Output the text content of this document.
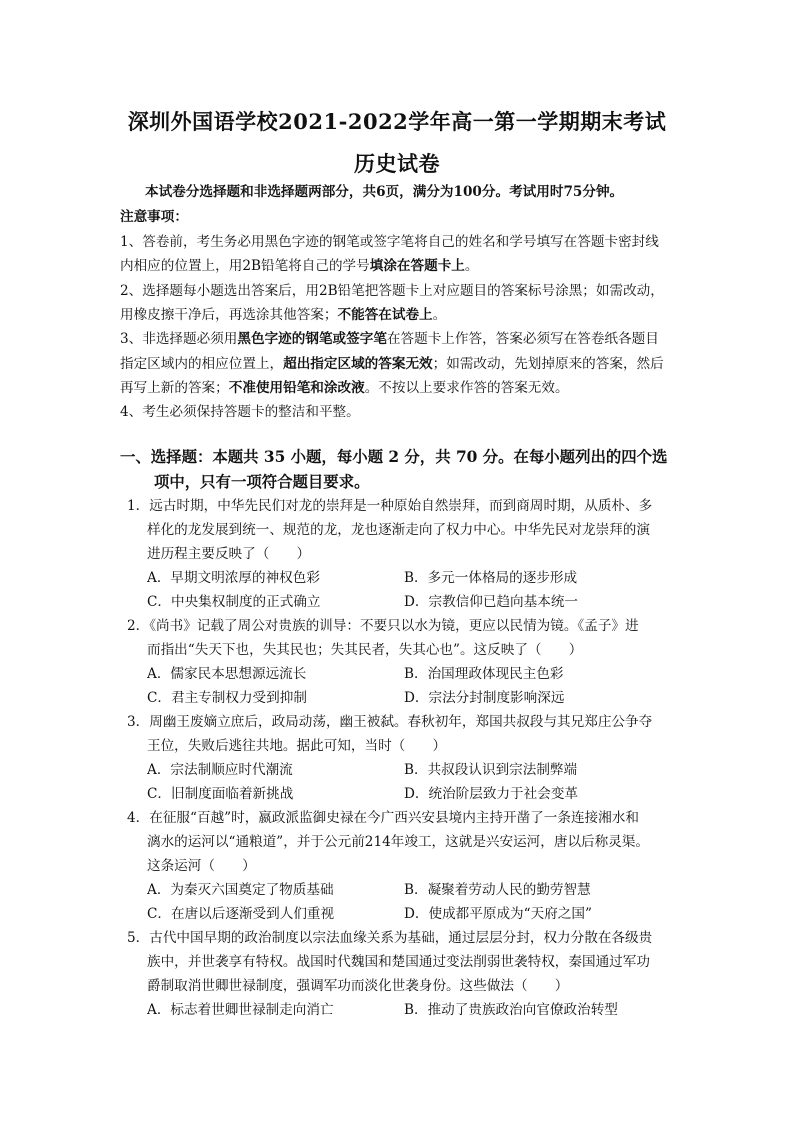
深圳外国语学校2021-2022学年高一第一学期期末考试
历史试卷
本试卷分选择题和非选择题两部分，共6页，满分为100分。考试用时75分钟。
注意事项：
1、答卷前，考生务必用黑色字迹的钢笔或签字笔将自己的姓名和学号填写在答题卡密封线
内相应的位置上，用2B铅笔将自己的学号填涂在答题卡上。
2、选择题每小题选出答案后，用2B铅笔把答题卡上对应题目的答案标号涂黑；如需改动，
用橡皮擦干净后，再选涂其他答案；不能答在试卷上。
3、非选择题必须用黑色字迹的钢笔或签字笔在答题卡上作答，答案必须写在答卷纸各题目
指定区域内的相应位置上，超出指定区域的答案无效；如需改动，先划掉原来的答案，然后
再写上新的答案；不准使用铅笔和涂改液。不按以上要求作答的答案无效。
4、考生必须保持答题卡的整洁和平整。
一、选择题：本题共 35 小题，每小题 2 分，共 70 分。在每小题列出的四个选
项中，只有一项符合题目要求。
1．远古时期，中华先民们对龙的崇拜是一种原始自然崇拜，而到商周时期，从质朴、多
样化的龙发展到统一、规范的龙，龙也逐渐走向了权力中心。中华先民对龙崇拜的演
进历程主要反映了（　　）
A．早期文明浓厚的神权色彩	B．多元一体格局的逐步形成
C．中央集权制度的正式确立	D．宗教信仰已趋向基本统一
2．《尚书》记载了周公对贵族的训导：不要只以水为镜，更应以民情为镜。《孟子》进
而指出“失天下也，失其民也；失其民者，失其心也”。这反映了（　　）
A．儒家民本思想源远流长	B．治国理政体现民主色彩
C．君主专制权力受到抑制	D．宗法分封制度影响深远
3．周幽王废嫡立庶后，政局动荡，幽王被弑。春秋初年，郑国共叔段与其兄郑庄公争夺
王位，失败后逃往共地。据此可知，当时（　　）
A．宗法制顺应时代潮流	B．共叔段认识到宗法制弊端
C．旧制度面临着新挑战	D．统治阶层致力于社会变革
4．在征服“百越”时，嬴政派监御史禄在今广西兴安县境内主持开凿了一条连接湘水和
漓水的运河以“通粮道”，并于公元前214年竣工，这就是兴安运河，唐以后称灵渠。
这条运河（　　）
A．为秦灭六国奠定了物质基础	B．凝聚着劳动人民的勤劳智慧
C．在唐以后逐渐受到人们重视	D．使成都平原成为“天府之国”
5．古代中国早期的政治制度以宗法血缘关系为基础，通过层层分封，权力分散在各级贵
族中，并世袭享有特权。战国时代魏国和楚国通过变法削弱世袭特权，秦国通过军功
爵制取消世卿世禄制度，强调军功而淡化世袭身份。这些做法（　　）
A．标志着世卿世禄制走向消亡	B．推动了贵族政治向官僚政治转型
